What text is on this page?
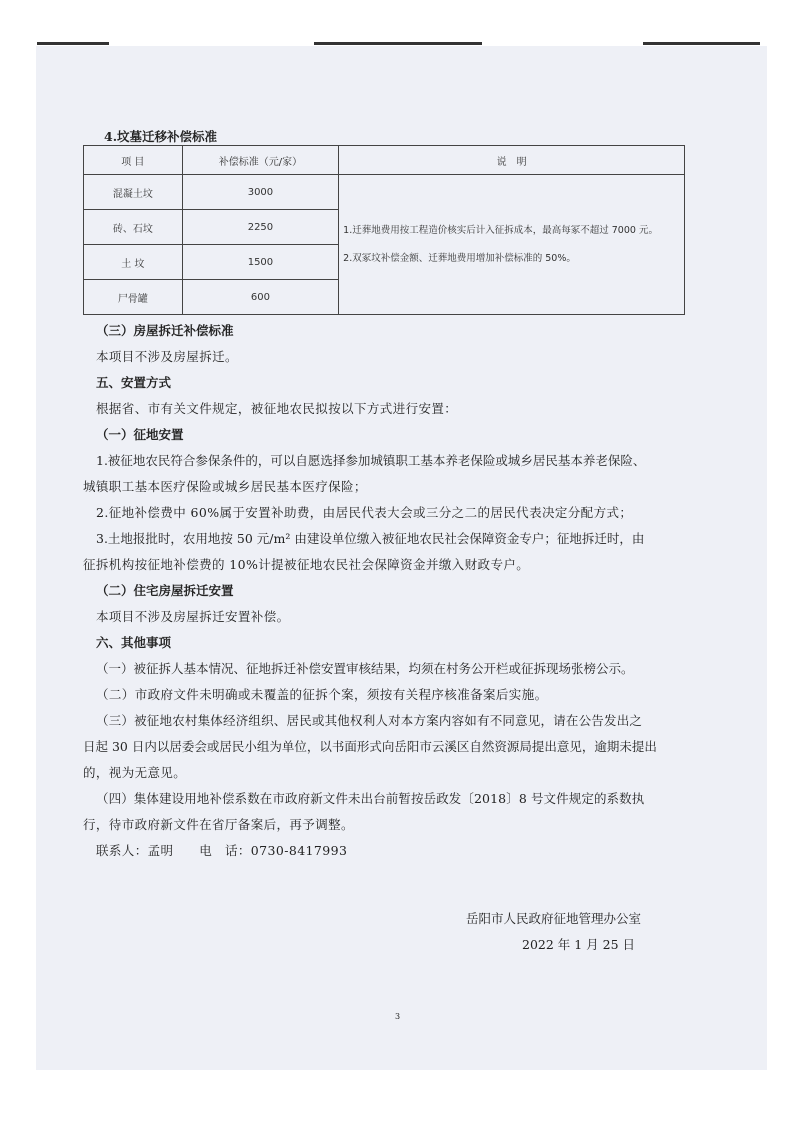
4.坟墓迁移补偿标准
项 目	补偿标准（元/家）	说　明
混凝土坟	3000	1.迁葬地费用按工程造价核实后计入征拆成本，最高每冢不超过 7000 元。
2.双冢坟补偿金额、迁葬地费用增加补偿标准的 50%。

砖、石坟	2250	
土 坟	1500	
尸骨罐	600	
（三）房屋拆迁补偿标准
本项目不涉及房屋拆迁。
五、安置方式
根据省、市有关文件规定，被征地农民拟按以下方式进行安置：
（一）征地安置
1.被征地农民符合参保条件的，可以自愿选择参加城镇职工基本养老保险或城乡居民基本养老保险、
城镇职工基本医疗保险或城乡居民基本医疗保险；
2.征地补偿费中 60%属于安置补助费，由居民代表大会或三分之二的居民代表决定分配方式；
3.土地报批时，农用地按 50 元/m² 由建设单位缴入被征地农民社会保障资金专户；征地拆迁时，由
征拆机构按征地补偿费的 10%计提被征地农民社会保障资金并缴入财政专户。
（二）住宅房屋拆迁安置
本项目不涉及房屋拆迁安置补偿。
六、其他事项
（一）被征拆人基本情况、征地拆迁补偿安置审核结果，均须在村务公开栏或征拆现场张榜公示。
（二）市政府文件未明确或未覆盖的征拆个案，须按有关程序核准备案后实施。
（三）被征地农村集体经济组织、居民或其他权利人对本方案内容如有不同意见，请在公告发出之
日起 30 日内以居委会或居民小组为单位，以书面形式向岳阳市云溪区自然资源局提出意见，逾期未提出
的，视为无意见。
（四）集体建设用地补偿系数在市政府新文件未出台前暂按岳政发〔2018〕8 号文件规定的系数执
行，待市政府新文件在省厅备案后，再予调整。
联系人：孟明　　电　话：0730-8417993
岳阳市人民政府征地管理办公室
2022 年 1 月 25 日
3
